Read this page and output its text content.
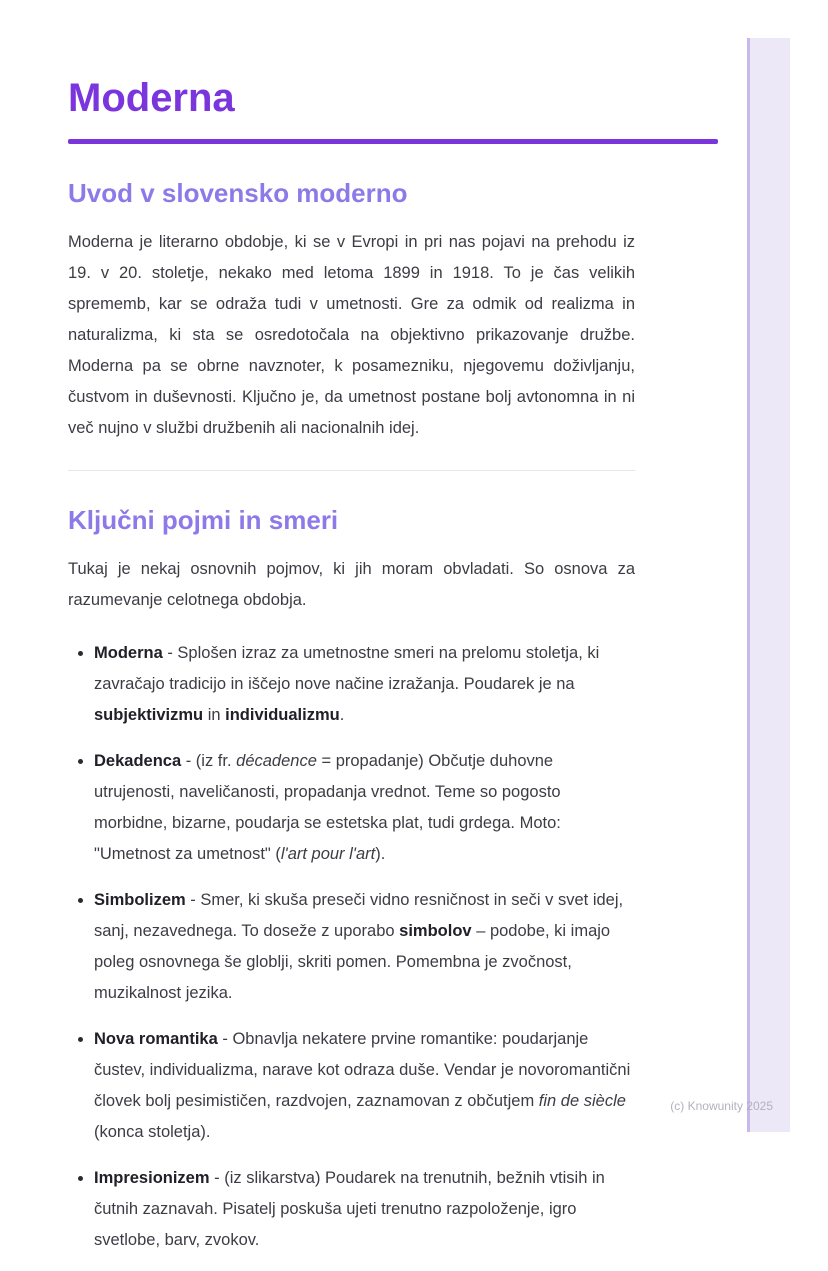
Moderna
Uvod v slovensko moderno

Moderna je literarno obdobje, ki se v Evropi in pri nas pojavi na prehodu iz 19. v 20. stoletje, nekako med letoma 1899 in 1918. To je čas velikih sprememb, kar se odraža tudi v umetnosti. Gre za odmik od realizma in naturalizma, ki sta se osredotočala na objektivno prikazovanje družbe. Moderna pa se obrne navznoter, k posamezniku, njegovemu doživljanju, čustvom in duševnosti. Ključno je, da umetnost postane bolj avtonomna in ni več nujno v službi družbenih ali nacionalnih idej.

Ključni pojmi in smeri

Tukaj je nekaj osnovnih pojmov, ki jih moram obvladati. So osnova za razumevanje celotnega obdobja.

• Moderna - Splošen izraz za umetnostne smeri na prelomu stoletja, ki zavračajo tradicijo in iščejo nove načine izražanja. Poudarek je na subjektivizmu in individualizmu.
• Dekadenca - (iz fr. décadence = propadanje) Občutje duhovne utrujenosti, naveličanosti, propadanja vrednot. Teme so pogosto morbidne, bizarne, poudarja se estetska plat, tudi grdega. Moto: "Umetnost za umetnost" (l'art pour l'art).
• Simbolizem - Smer, ki skuša preseči vidno resničnost in seči v svet idej, sanj, nezavednega. To doseže z uporabo simbolov – podobe, ki imajo poleg osnovnega še globlji, skriti pomen. Pomembna je zvočnost, muzikalnost jezika.
• Nova romantika - Obnavlja nekatere prvine romantike: poudarjanje čustev, individualizma, narave kot odraza duše. Vendar je novoromantični človek bolj pesimističen, razdvojen, zaznamovan z občutjem fin de siècle (konca stoletja).
• Impresionizem - (iz slikarstva) Poudarek na trenutnih, bežnih vtisih in čutnih zaznavah. Pisatelj poskuša ujeti trenutno razpoloženje, igro svetlobe, barv, zvokov.
(c) Knowunity 2025
